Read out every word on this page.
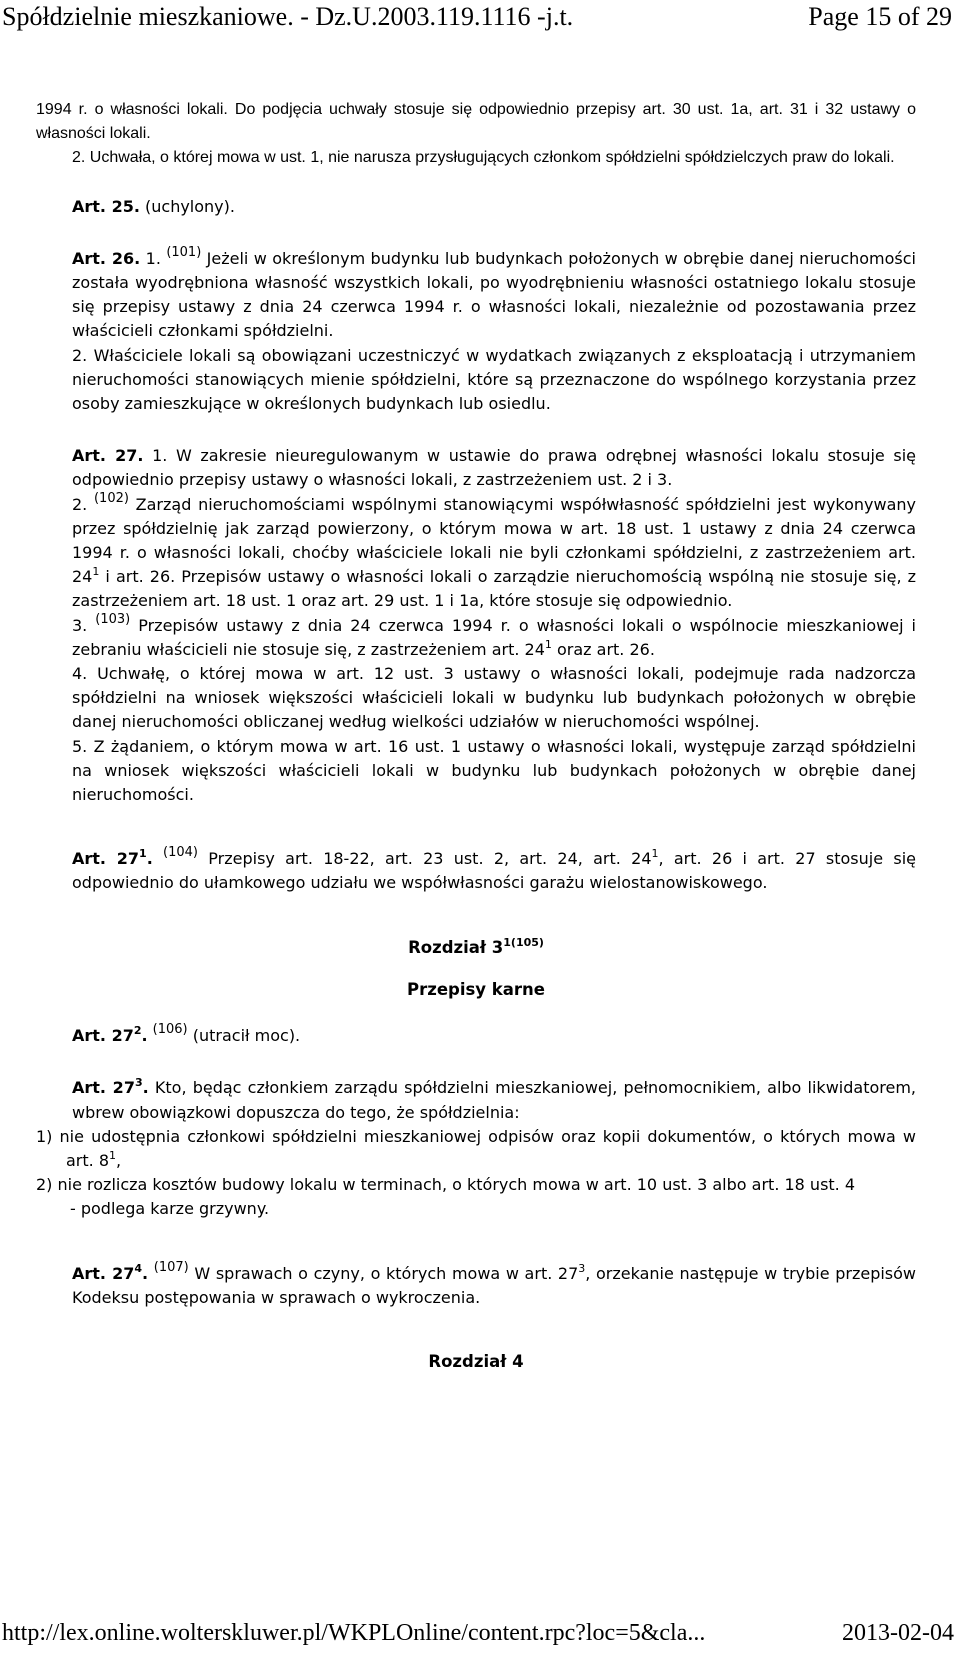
Spółdzielnie mieszkaniowe. - Dz.U.2003.119.1116 -j.t.	Page 15 of 29

1994 r. o własności lokali. Do podjęcia uchwały stosuje się odpowiednio przepisy art. 30 ust. 1a, art. 31 i 32 ustawy o własności lokali.

2. Uchwała, o której mowa w ust. 1, nie narusza przysługujących członkom spółdzielni spółdzielczych praw do lokali.

Art. 25. (uchylony).

Art. 26. 1. $^{(101)}$ Jeżeli w określonym budynku lub budynkach położonych w obrębie danej nieruchomości została wyodrębniona własność wszystkich lokali, po wyodrębnieniu własności ostatniego lokalu stosuje się przepisy ustawy z dnia 24 czerwca 1994 r. o własności lokali, niezależnie od pozostawania przez właścicieli członkami spółdzielni.

2. Właściciele lokali są obowiązani uczestniczyć w wydatkach związanych z eksploatacją i utrzymaniem nieruchomości stanowiących mienie spółdzielni, które są przeznaczone do wspólnego korzystania przez osoby zamieszkujące w określonych budynkach lub osiedlu.

Art. 27. 1. W zakresie nieuregulowanym w ustawie do prawa odrębnej własności lokalu stosuje się odpowiednio przepisy ustawy o własności lokali, z zastrzeżeniem ust. 2 i 3.

2. $^{(102)}$ Zarząd nieruchomościami wspólnymi stanowiącymi współwłasność spółdzielni jest wykonywany przez spółdzielnię jak zarząd powierzony, o którym mowa w art. 18 ust. 1 ustawy z dnia 24 czerwca 1994 r. o własności lokali, choćby właściciele lokali nie byli członkami spółdzielni, z zastrzeżeniem art. $24^1$ i art. 26. Przepisów ustawy o własności lokali o zarządzie nieruchomością wspólną nie stosuje się, z zastrzeżeniem art. 18 ust. 1 oraz art. 29 ust. 1 i 1a, które stosuje się odpowiednio.

3. $^{(103)}$ Przepisów ustawy z dnia 24 czerwca 1994 r. o własności lokali o wspólnocie mieszkaniowej i zebraniu właścicieli nie stosuje się, z zastrzeżeniem art. $24^1$ oraz art. 26.

4. Uchwałę, o której mowa w art. 12 ust. 3 ustawy o własności lokali, podejmuje rada nadzorcza spółdzielni na wniosek większości właścicieli lokali w budynku lub budynkach położonych w obrębie danej nieruchomości obliczanej według wielkości udziałów w nieruchomości wspólnej.

5. Z żądaniem, o którym mowa w art. 16 ust. 1 ustawy o własności lokali, występuje zarząd spółdzielni na wniosek większości właścicieli lokali w budynku lub budynkach położonych w obrębie danej nieruchomości.

Art. $27^1$. $^{(104)}$ Przepisy art. 18-22, art. 23 ust. 2, art. 24, art. $24^1$, art. 26 i art. 27 stosuje się odpowiednio do ułamkowego udziału we współwłasności garażu wielostanowiskowego.

Rozdział $3^{1(105)}$

Przepisy karne

Art. $27^2$. $^{(106)}$ (utracił moc).

Art. $27^3$. Kto, będąc członkiem zarządu spółdzielni mieszkaniowej, pełnomocnikiem, albo likwidatorem, wbrew obowiązkowi dopuszcza do tego, że spółdzielnia:

1) nie udostępnia członkowi spółdzielni mieszkaniowej odpisów oraz kopii dokumentów, o których mowa w art. $8^1$,

2) nie rozlicza kosztów budowy lokalu w terminach, o których mowa w art. 10 ust. 3 albo art. 18 ust. 4

- podlega karze grzywny.

Art. $27^4$. $^{(107)}$ W sprawach o czyny, o których mowa w art. $27^3$, orzekanie następuje w trybie przepisów Kodeksu postępowania w sprawach o wykroczenia.

Rozdział 4

http://lex.online.wolterskluwer.pl/WKPLOnline/content.rpc?loc=5&cla...	2013-02-04
